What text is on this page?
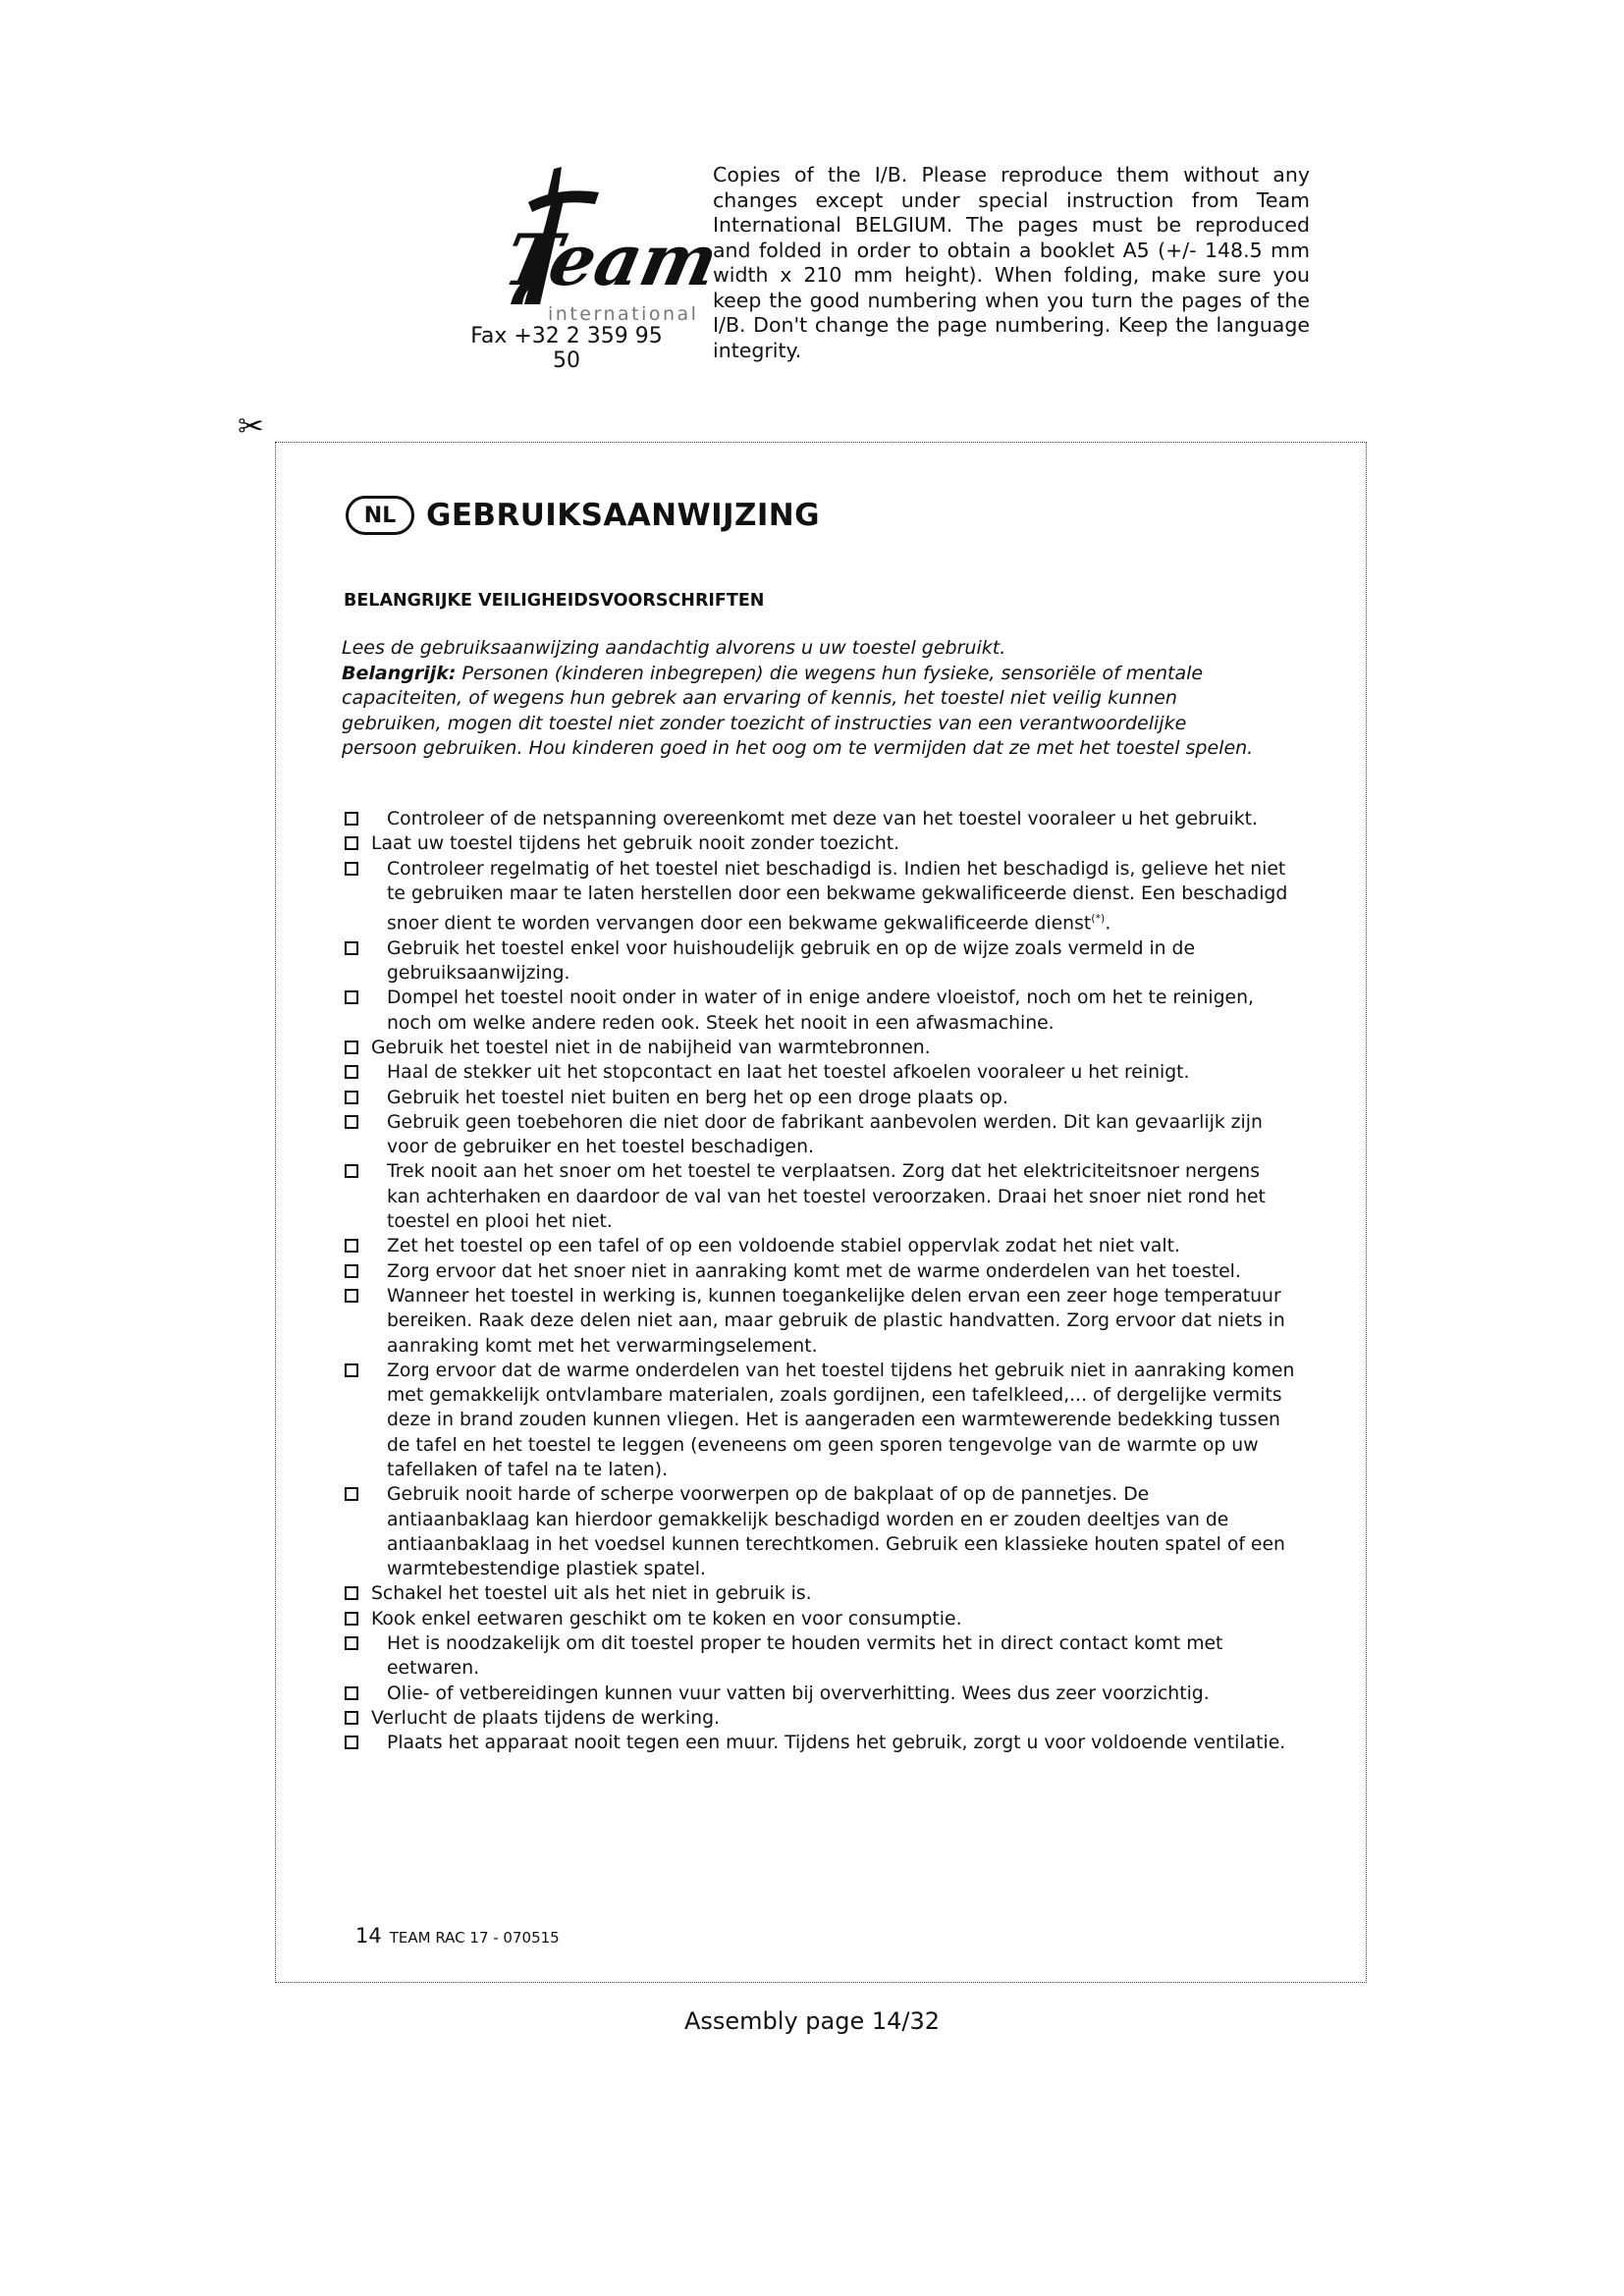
Team
international
Fax +32 2 359 95 50
Copies of the I/B. Please reproduce them without any changes except under special instruction from Team International BELGIUM. The pages must be reproduced and folded in order to obtain a booklet A5 (+/- 148.5 mm width x 210 mm height). When folding, make sure you keep the good numbering when you turn the pages of the I/B. Don't change the page numbering. Keep the language integrity.
✂
NL GEBRUIKSAANWIJZING
BELANGRIJKE VEILIGHEIDSVOORSCHRIFTEN
Lees de gebruiksaanwijzing aandachtig alvorens u uw toestel gebruikt.
Belangrijk: Personen (kinderen inbegrepen) die wegens hun fysieke, sensoriële of mentale capaciteiten, of wegens hun gebrek aan ervaring of kennis, het toestel niet veilig kunnen gebruiken, mogen dit toestel niet zonder toezicht of instructies van een verantwoordelijke persoon gebruiken. Hou kinderen goed in het oog om te vermijden dat ze met het toestel spelen.
Controleer of de netspanning overeenkomt met deze van het toestel vooraleer u het gebruikt.
Laat uw toestel tijdens het gebruik nooit zonder toezicht.
Controleer regelmatig of het toestel niet beschadigd is. Indien het beschadigd is, gelieve het niet te gebruiken maar te laten herstellen door een bekwame gekwalificeerde dienst. Een beschadigd snoer dient te worden vervangen door een bekwame gekwalificeerde dienst(*).
Gebruik het toestel enkel voor huishoudelijk gebruik en op de wijze zoals vermeld in de gebruiksaanwijzing.
Dompel het toestel nooit onder in water of in enige andere vloeistof, noch om het te reinigen, noch om welke andere reden ook. Steek het nooit in een afwasmachine.
Gebruik het toestel niet in de nabijheid van warmtebronnen.
Haal de stekker uit het stopcontact en laat het toestel afkoelen vooraleer u het reinigt.
Gebruik het toestel niet buiten en berg het op een droge plaats op.
Gebruik geen toebehoren die niet door de fabrikant aanbevolen werden. Dit kan gevaarlijk zijn voor de gebruiker en het toestel beschadigen.
Trek nooit aan het snoer om het toestel te verplaatsen. Zorg dat het elektriciteitsnoer nergens kan achterhaken en daardoor de val van het toestel veroorzaken. Draai het snoer niet rond het toestel en plooi het niet.
Zet het toestel op een tafel of op een voldoende stabiel oppervlak zodat het niet valt.
Zorg ervoor dat het snoer niet in aanraking komt met de warme onderdelen van het toestel.
Wanneer het toestel in werking is, kunnen toegankelijke delen ervan een zeer hoge temperatuur bereiken. Raak deze delen niet aan, maar gebruik de plastic handvatten. Zorg ervoor dat niets in aanraking komt met het verwarmingselement.
Zorg ervoor dat de warme onderdelen van het toestel tijdens het gebruik niet in aanraking komen met gemakkelijk ontvlambare materialen, zoals gordijnen, een tafelkleed,... of dergelijke vermits deze in brand zouden kunnen vliegen. Het is aangeraden een warmtewerende bedekking tussen de tafel en het toestel te leggen (eveneens om geen sporen tengevolge van de warmte op uw tafellaken of tafel na te laten).
Gebruik nooit harde of scherpe voorwerpen op de bakplaat of op de pannetjes. De antiaanbaklaag kan hierdoor gemakkelijk beschadigd worden en er zouden deeltjes van de antiaanbaklaag in het voedsel kunnen terechtkomen. Gebruik een klassieke houten spatel of een warmtebestendige plastiek spatel.
Schakel het toestel uit als het niet in gebruik is.
Kook enkel eetwaren geschikt om te koken en voor consumptie.
Het is noodzakelijk om dit toestel proper te houden vermits het in direct contact komt met eetwaren.
Olie- of vetbereidingen kunnen vuur vatten bij oververhitting. Wees dus zeer voorzichtig.
Verlucht de plaats tijdens de werking.
Plaats het apparaat nooit tegen een muur. Tijdens het gebruik, zorgt u voor voldoende ventilatie.
14 TEAM RAC 17 - 070515
Assembly page 14/32
